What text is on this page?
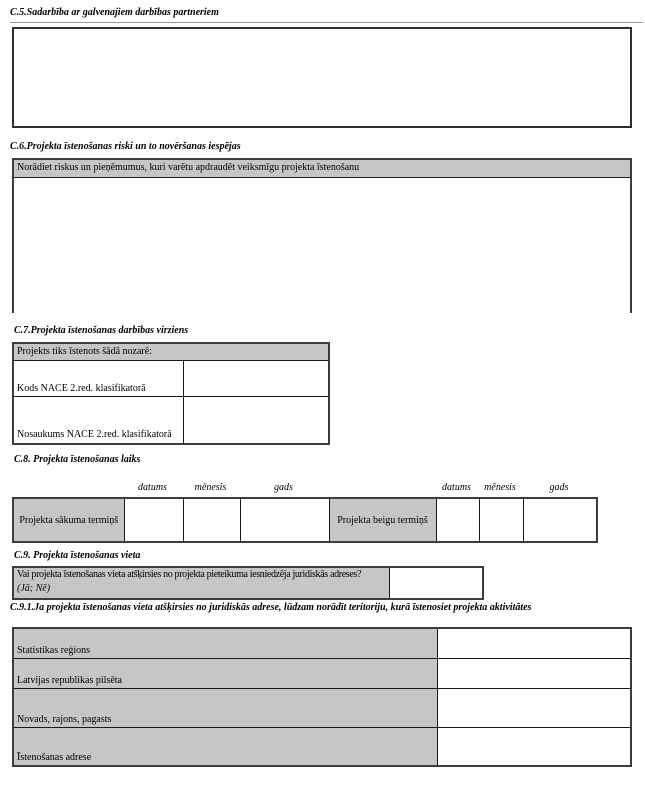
C.5.Sadarbība ar galvenajiem darbības partneriem
C.6.Projekta īstenošanas riski un to novēršanas iespējas
Norādiet riskus un pieņēmumus, kuri varētu apdraudēt veiksmīgu projekta īstenošanu
C.7.Projekta īstenošanas darbības virziens
Projekts tiks īstenots šādā nozarē:	
Kods NACE 2.red. klasifikatorā	
Nosaukums NACE 2.red. klasifikatorā	
C.8. Projekta īstenošanas laiks
datums	mēnesis	gads	datums	mēnesis	gads
Projekta sākuma termiņš				Projekta beigu termiņš			
C.9. Projekta īstenošanas vieta
Vai projekta īstenošanas vieta atšķirsies no projekta pieteikuma iesniedzēja juridiskās adreses?
(Jā; Nē)

C.9.1.Ja projekta īstenošanas vieta atšķirsies no juridiskās adrese, lūdzam norādīt teritoriju, kurā īstenosiet projekta aktivitātes
Statistikas reģions	
Latvijas republikas pilsēta	
Novads, rajons, pagasts	
Īstenošanas adrese	
